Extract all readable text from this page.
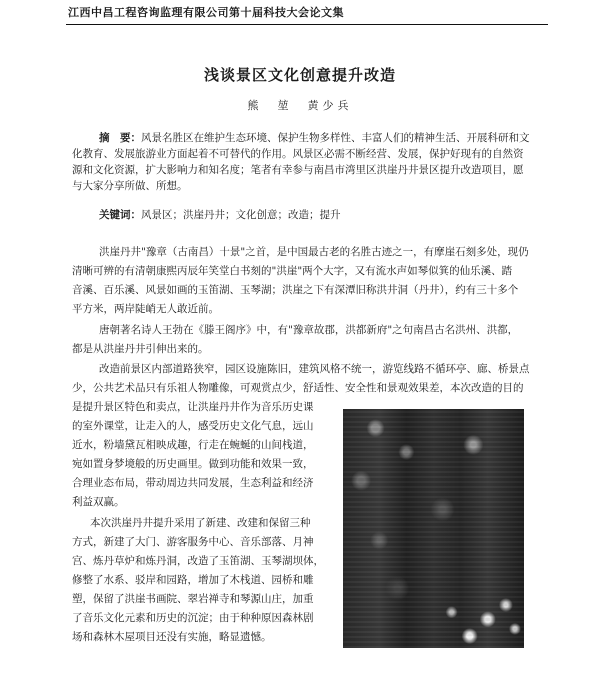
江西中昌工程咨询监理有限公司第十届科技大会论文集
浅谈景区文化创意提升改造
熊　堃　黄少兵
摘　要：风景名胜区在维护生态环境、保护生物多样性、丰富人们的精神生活、开展科研和文
化教育、发展旅游业方面起着不可替代的作用。风景区必需不断经营、发展，保护好现有的自然资
源和文化资源，扩大影响力和知名度；笔者有幸参与南昌市湾里区洪崖丹井景区提升改造项目，愿
与大家分享所做、所想。
关键词：风景区；洪崖丹井；文化创意；改造；提升
洪崖丹井"豫章（古南昌）十景"之首，是中国最古老的名胜古迹之一，有摩崖石刻多处，现仍
清晰可辨的有清朝康熙丙辰年笑堂白书刻的"洪崖"两个大字，又有流水声如琴似箕的仙乐溪、踏
音溪、百乐溪、风景如画的玉笛湖、玉琴湖；洪崖之下有深潭旧称洪井洞（丹井），约有三十多个
平方米，两岸陡峭无人敢近前。
唐朝著名诗人王勃在《滕王阁序》中，有"豫章故郡，洪都新府"之句南昌古名洪州、洪都，
都是从洪崖丹井引伸出来的。
改造前景区内部道路狭窄，园区设施陈旧，建筑风格不统一，游览线路不循环亭、廊、桥景点
少，公共艺术品只有乐祖人物雕像，可观赏点少，舒适性、安全性和景观效果差，本次改造的目的
是提升景区特色和卖点，让洪崖丹井作为音乐历史课
的室外课堂，让走入的人，感受历史文化气息，远山
近水，粉墙黛瓦相映成趣，行走在蜿蜒的山间栈道，
宛如置身梦境般的历史画里。做到功能和效果一致，
合理业态布局，带动周边共同发展，生态利益和经济
利益双赢。
本次洪崖丹井提升采用了新建、改建和保留三种
方式，新建了大门、游客服务中心、音乐部落、月神
宫、炼丹草炉和炼丹洞，改造了玉笛湖、玉琴湖坝体，
修整了水系、驳岸和园路，增加了木栈道、园桥和雕
塑，保留了洪崖书画院、翠岩禅寺和琴源山庄，加重
了音乐文化元素和历史的沉淀；由于种种原因森林剧
场和森林木屋项目还没有实施，略显遗憾。
